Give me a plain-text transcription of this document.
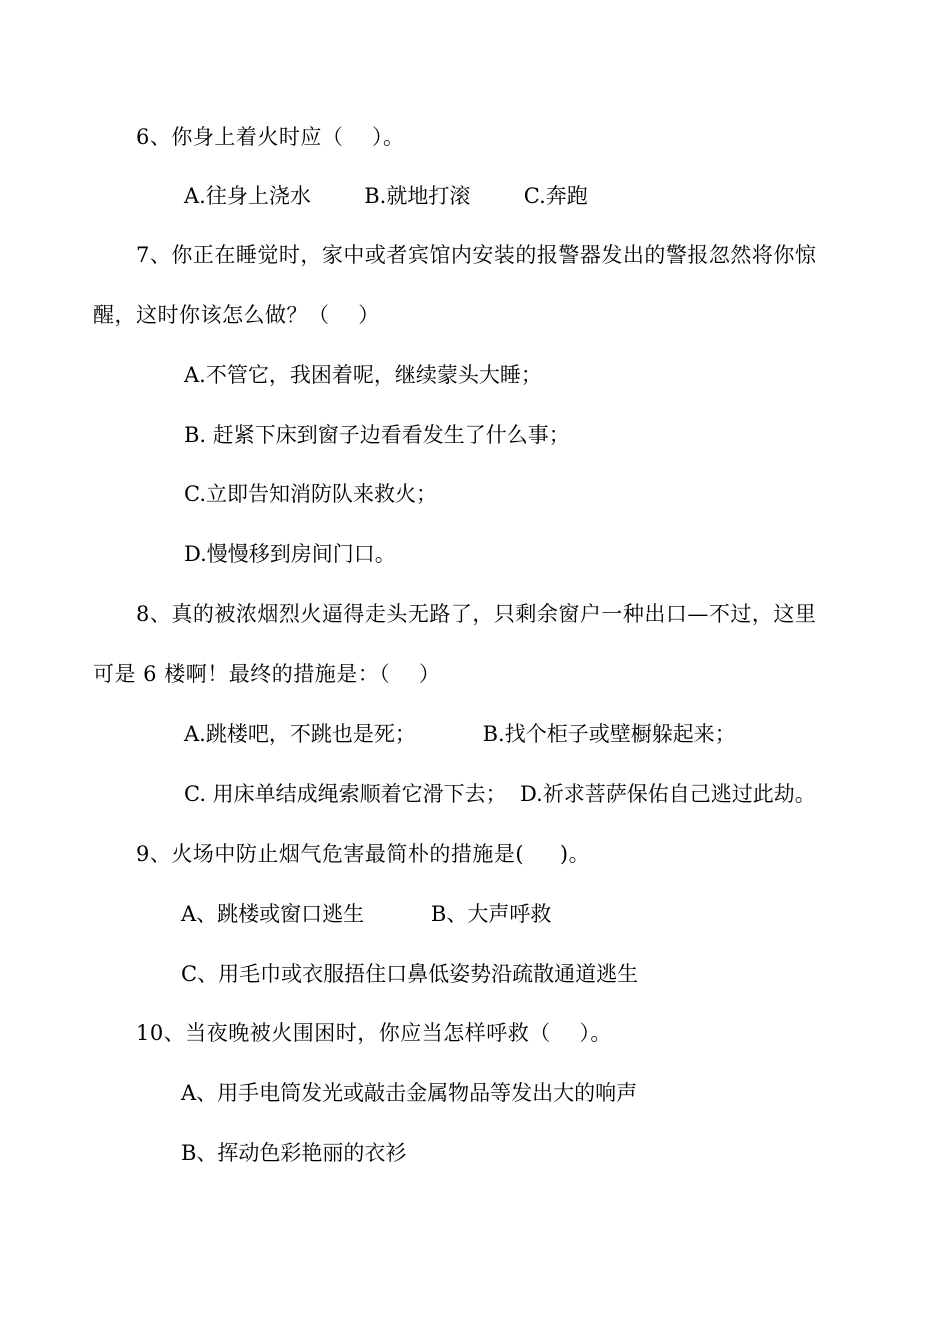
6、你身上着火时应（    ）。
A.往身上浇水        B.就地打滚        C.奔跑
7、你正在睡觉时，家中或者宾馆内安装的报警器发出的警报忽然将你惊
醒，这时你该怎么做？（    ）
A.不管它，我困着呢，继续蒙头大睡；
B. 赶紧下床到窗子边看看发生了什么事；
C.立即告知消防队来救火；
D.慢慢移到房间门口。
8、真的被浓烟烈火逼得走头无路了，只剩余窗户一种出口—不过，这里
可是 6 楼啊！最终的措施是：（    ）
A.跳楼吧，不跳也是死；          B.找个柜子或壁橱躲起来；
C. 用床单结成绳索顺着它滑下去；  D.祈求菩萨保佑自己逃过此劫。
9、火场中防止烟气危害最简朴的措施是(     )。
A、跳楼或窗口逃生          B、大声呼救
C、用毛巾或衣服捂住口鼻低姿势沿疏散通道逃生
10、当夜晚被火围困时，你应当怎样呼救（    ）。
A、用手电筒发光或敲击金属物品等发出大的响声
B、挥动色彩艳丽的衣衫
